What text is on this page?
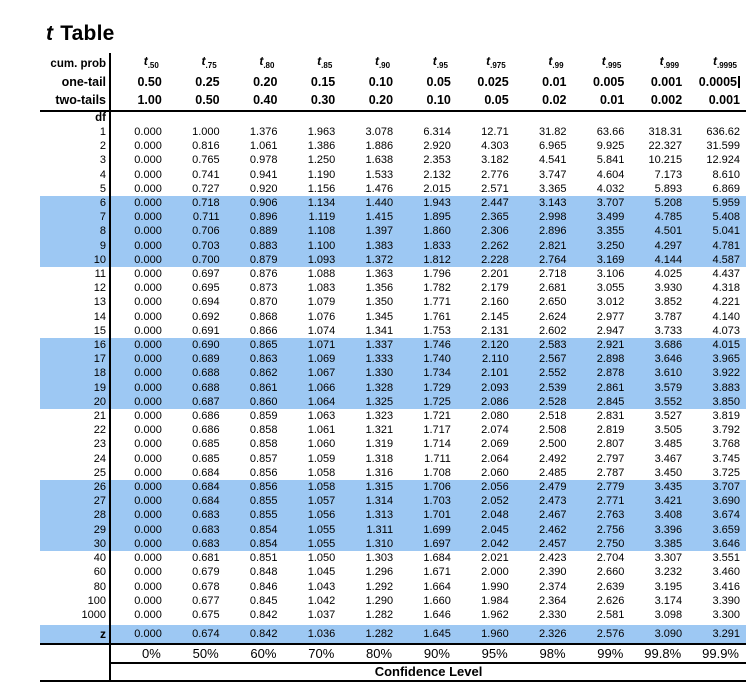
t Table
cum. prob	$t_{.50}$	$t_{.75}$	$t_{.80}$	$t_{.85}$	$t_{.90}$	$t_{.95}$	$t_{.975}$	$t_{.99}$	$t_{.995}$	$t_{.999}$	$t_{.9995}$
one-tail	0.50	0.25	0.20	0.15	0.10	0.05	0.025	0.01	0.005	0.001	0.0005
two-tails	1.00	0.50	0.40	0.30	0.20	0.10	0.05	0.02	0.01	0.002	0.001
df											
1	0.000	1.000	1.376	1.963	3.078	6.314	12.71	31.82	63.66	318.31	636.62
2	0.000	0.816	1.061	1.386	1.886	2.920	4.303	6.965	9.925	22.327	31.599
3	0.000	0.765	0.978	1.250	1.638	2.353	3.182	4.541	5.841	10.215	12.924
4	0.000	0.741	0.941	1.190	1.533	2.132	2.776	3.747	4.604	7.173	8.610
5	0.000	0.727	0.920	1.156	1.476	2.015	2.571	3.365	4.032	5.893	6.869
6	0.000	0.718	0.906	1.134	1.440	1.943	2.447	3.143	3.707	5.208	5.959
7	0.000	0.711	0.896	1.119	1.415	1.895	2.365	2.998	3.499	4.785	5.408
8	0.000	0.706	0.889	1.108	1.397	1.860	2.306	2.896	3.355	4.501	5.041
9	0.000	0.703	0.883	1.100	1.383	1.833	2.262	2.821	3.250	4.297	4.781
10	0.000	0.700	0.879	1.093	1.372	1.812	2.228	2.764	3.169	4.144	4.587
11	0.000	0.697	0.876	1.088	1.363	1.796	2.201	2.718	3.106	4.025	4.437
12	0.000	0.695	0.873	1.083	1.356	1.782	2.179	2.681	3.055	3.930	4.318
13	0.000	0.694	0.870	1.079	1.350	1.771	2.160	2.650	3.012	3.852	4.221
14	0.000	0.692	0.868	1.076	1.345	1.761	2.145	2.624	2.977	3.787	4.140
15	0.000	0.691	0.866	1.074	1.341	1.753	2.131	2.602	2.947	3.733	4.073
16	0.000	0.690	0.865	1.071	1.337	1.746	2.120	2.583	2.921	3.686	4.015
17	0.000	0.689	0.863	1.069	1.333	1.740	2.110	2.567	2.898	3.646	3.965
18	0.000	0.688	0.862	1.067	1.330	1.734	2.101	2.552	2.878	3.610	3.922
19	0.000	0.688	0.861	1.066	1.328	1.729	2.093	2.539	2.861	3.579	3.883
20	0.000	0.687	0.860	1.064	1.325	1.725	2.086	2.528	2.845	3.552	3.850
21	0.000	0.686	0.859	1.063	1.323	1.721	2.080	2.518	2.831	3.527	3.819
22	0.000	0.686	0.858	1.061	1.321	1.717	2.074	2.508	2.819	3.505	3.792
23	0.000	0.685	0.858	1.060	1.319	1.714	2.069	2.500	2.807	3.485	3.768
24	0.000	0.685	0.857	1.059	1.318	1.711	2.064	2.492	2.797	3.467	3.745
25	0.000	0.684	0.856	1.058	1.316	1.708	2.060	2.485	2.787	3.450	3.725
26	0.000	0.684	0.856	1.058	1.315	1.706	2.056	2.479	2.779	3.435	3.707
27	0.000	0.684	0.855	1.057	1.314	1.703	2.052	2.473	2.771	3.421	3.690
28	0.000	0.683	0.855	1.056	1.313	1.701	2.048	2.467	2.763	3.408	3.674
29	0.000	0.683	0.854	1.055	1.311	1.699	2.045	2.462	2.756	3.396	3.659
30	0.000	0.683	0.854	1.055	1.310	1.697	2.042	2.457	2.750	3.385	3.646
40	0.000	0.681	0.851	1.050	1.303	1.684	2.021	2.423	2.704	3.307	3.551
60	0.000	0.679	0.848	1.045	1.296	1.671	2.000	2.390	2.660	3.232	3.460
80	0.000	0.678	0.846	1.043	1.292	1.664	1.990	2.374	2.639	3.195	3.416
100	0.000	0.677	0.845	1.042	1.290	1.660	1.984	2.364	2.626	3.174	3.390
1000	0.000	0.675	0.842	1.037	1.282	1.646	1.962	2.330	2.581	3.098	3.300

z	0.000	0.674	0.842	1.036	1.282	1.645	1.960	2.326	2.576	3.090	3.291
	0%	50%	60%	70%	80%	90%	95%	98%	99%	99.8%	99.9%
	Confidence Level										
